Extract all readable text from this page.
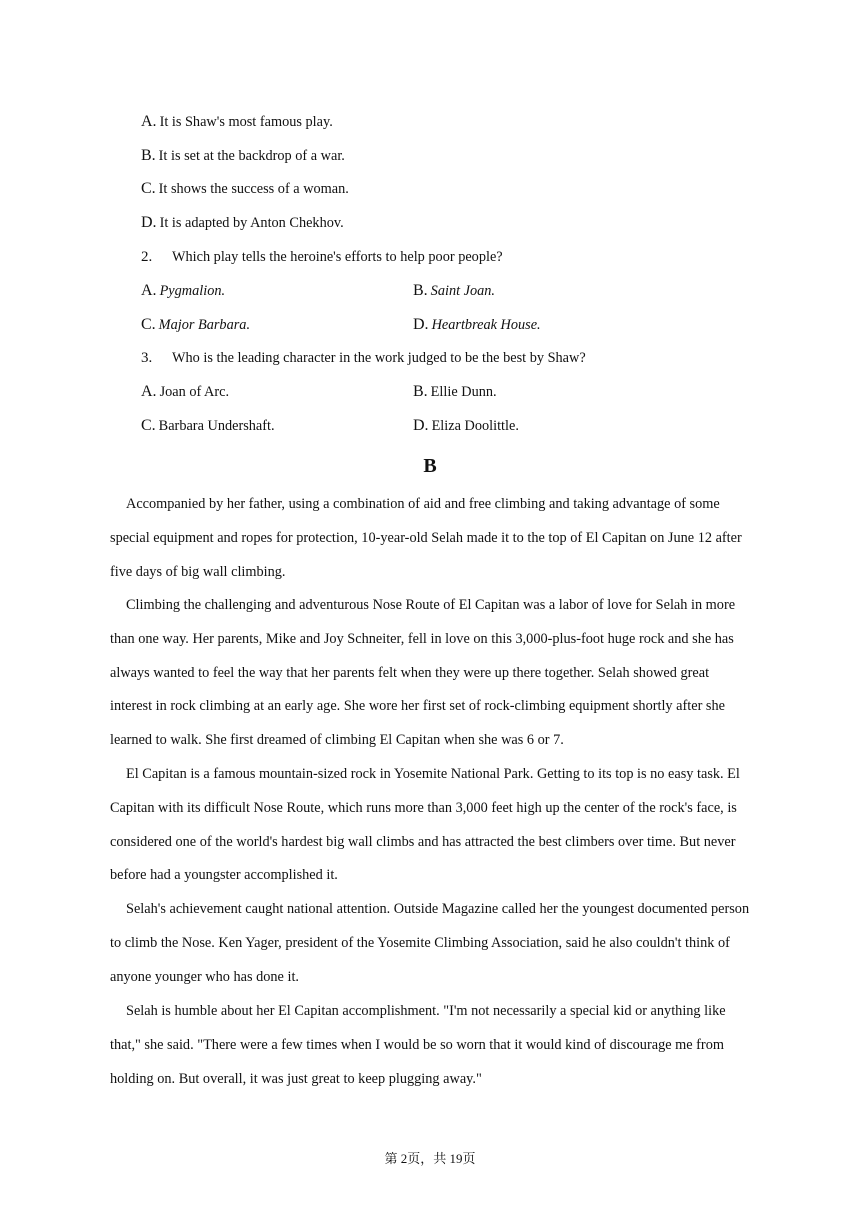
A. It is Shaw's most famous play.
B. It is set at the backdrop of a war.
C. It shows the success of a woman.
D. It is adapted by Anton Chekhov.
2. Which play tells the heroine's efforts to help poor people?
A. Pygmalion.	B. Saint Joan.
C. Major Barbara.	D. Heartbreak House.
3. Who is the leading character in the work judged to be the best by Shaw?
A. Joan of Arc.	B. Ellie Dunn.
C. Barbara Undershaft.	D. Eliza Doolittle.
B
Accompanied by her father, using a combination of aid and free climbing and taking advantage of some special equipment and ropes for protection, 10-year-old Selah made it to the top of El Capitan on June 12 after five days of big wall climbing.
Climbing the challenging and adventurous Nose Route of El Capitan was a labor of love for Selah in more than one way. Her parents, Mike and Joy Schneiter, fell in love on this 3,000-plus-foot huge rock and she has always wanted to feel the way that her parents felt when they were up there together. Selah showed great interest in rock climbing at an early age. She wore her first set of rock-climbing equipment shortly after she learned to walk. She first dreamed of climbing El Capitan when she was 6 or 7.
El Capitan is a famous mountain-sized rock in Yosemite National Park. Getting to its top is no easy task. El Capitan with its difficult Nose Route, which runs more than 3,000 feet high up the center of the rock's face, is considered one of the world's hardest big wall climbs and has attracted the best climbers over time. But never before had a youngster accomplished it.
Selah's achievement caught national attention. Outside Magazine called her the youngest documented person to climb the Nose. Ken Yager, president of the Yosemite Climbing Association, said he also couldn't think of anyone younger who has done it.
Selah is humble about her El Capitan accomplishment. "I'm not necessarily a special kid or anything like that," she said. "There were a few times when I would be so worn that it would kind of discourage me from holding on. But overall, it was just great to keep plugging away."
第 2页，共 19页
